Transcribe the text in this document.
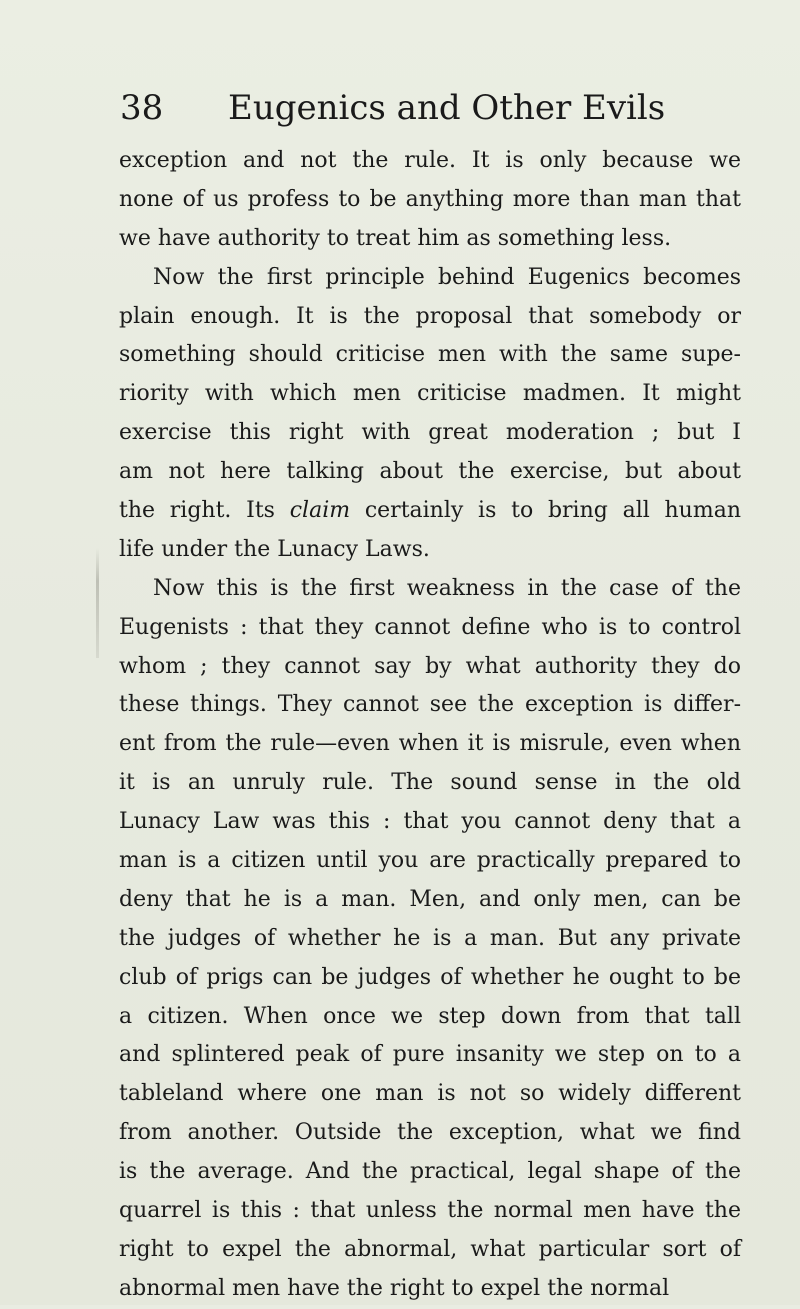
38 Eugenics and Other Evils
exception and not the rule. It is only because we
none of us profess to be anything more than man that
we have authority to treat him as something less.
Now the first principle behind Eugenics becomes
plain enough. It is the proposal that somebody or
something should criticise men with the same supe-
riority with which men criticise madmen. It might
exercise this right with great moderation ; but I
am not here talking about the exercise, but about
the right. Its claim certainly is to bring all human
life under the Lunacy Laws.
Now this is the first weakness in the case of the
Eugenists : that they cannot define who is to control
whom ; they cannot say by what authority they do
these things. They cannot see the exception is differ-
ent from the rule—even when it is misrule, even when
it is an unruly rule. The sound sense in the old
Lunacy Law was this : that you cannot deny that a
man is a citizen until you are practically prepared to
deny that he is a man. Men, and only men, can be
the judges of whether he is a man. But any private
club of prigs can be judges of whether he ought to be
a citizen. When once we step down from that tall
and splintered peak of pure insanity we step on to a
tableland where one man is not so widely different
from another. Outside the exception, what we find
is the average. And the practical, legal shape of the
quarrel is this : that unless the normal men have the
right to expel the abnormal, what particular sort of
abnormal men have the right to expel the normal
